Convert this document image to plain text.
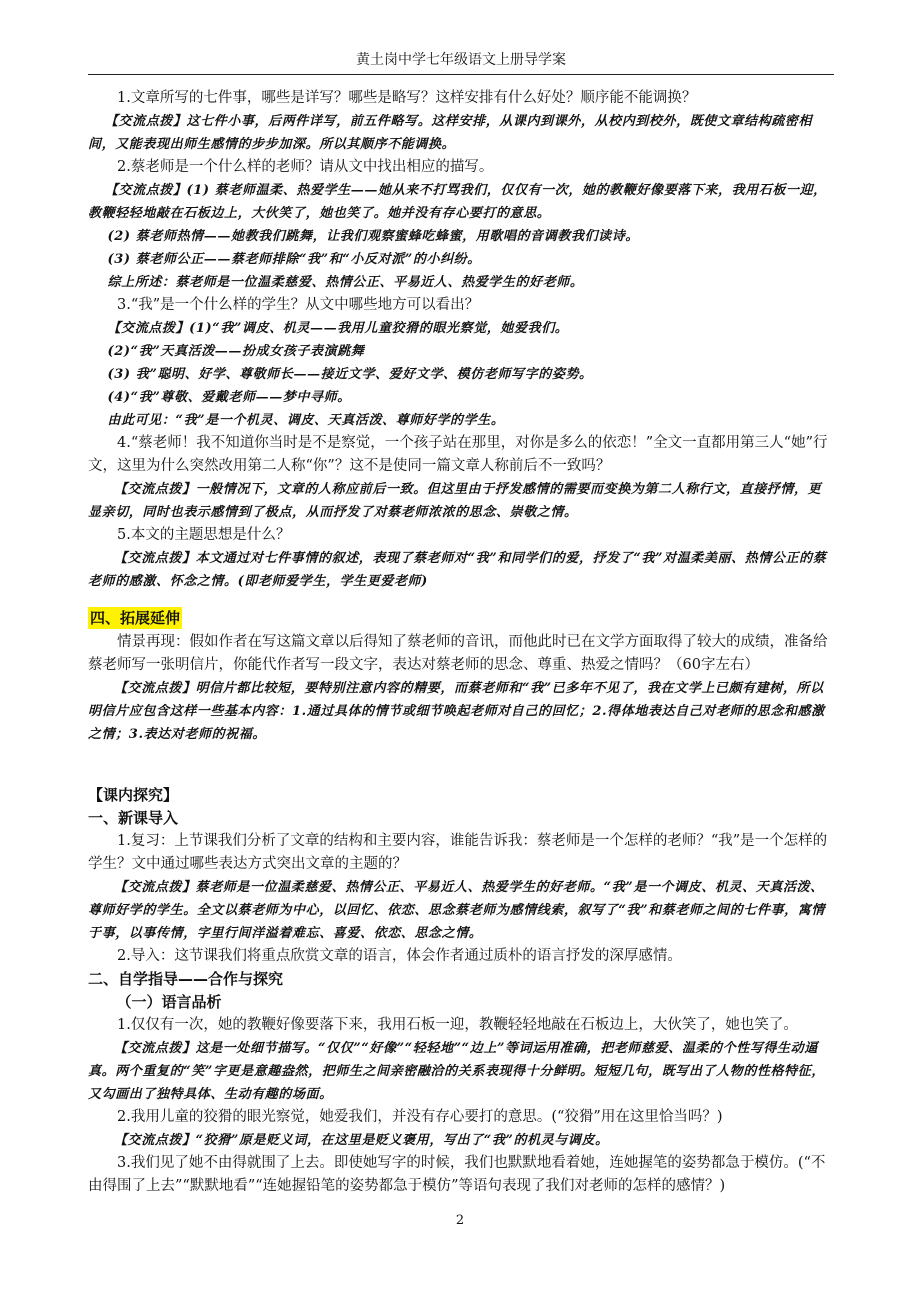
黄土岗中学七年级语文上册导学案

1.文章所写的七件事，哪些是详写？哪些是略写？这样安排有什么好处？顺序能不能调换？

【交流点拨】这七件小事，后两件详写，前五件略写。这样安排，从课内到课外，从校内到校外，既使文章结构疏密相间，又能表现出师生感情的步步加深。所以其顺序不能调换。

2.蔡老师是一个什么样的老师？请从文中找出相应的描写。

【交流点拨】(1) 蔡老师温柔、热爱学生——她从来不打骂我们，仅仅有一次，她的教鞭好像要落下来，我用石板一迎，教鞭轻轻地敲在石板边上，大伙笑了，她也笑了。她并没有存心要打的意思。

(2) 蔡老师热情——她教我们跳舞，让我们观察蜜蜂吃蜂蜜，用歌唱的音调教我们读诗。

(3) 蔡老师公正——蔡老师排除“我”和“小反对派”的小纠纷。

综上所述：蔡老师是一位温柔慈爱、热情公正、平易近人、热爱学生的好老师。

3.“我”是一个什么样的学生？从文中哪些地方可以看出？

【交流点拨】(1)“我”调皮、机灵——我用儿童狡猾的眼光察觉，她爱我们。

(2)“我”天真活泼——扮成女孩子表演跳舞

(3) 我”聪明、好学、尊敬师长——接近文学、爱好文学、模仿老师写字的姿势。

(4)“我”尊敬、爱戴老师——梦中寻师。

由此可见：“我”是一个机灵、调皮、天真活泼、尊师好学的学生。

4.“蔡老师！我不知道你当时是不是察觉，一个孩子站在那里，对你是多么的依恋！”全文一直都用第三人“她”行文，这里为什么突然改用第二人称“你”？这不是使同一篇文章人称前后不一致吗？

【交流点拨】一般情况下，文章的人称应前后一致。但这里由于抒发感情的需要而变换为第二人称行文，直接抒情，更显亲切，同时也表示感情到了极点，从而抒发了对蔡老师浓浓的思念、崇敬之情。

5.本文的主题思想是什么？

【交流点拨】本文通过对七件事情的叙述，表现了蔡老师对“我”和同学们的爱，抒发了“我”对温柔美丽、热情公正的蔡老师的感激、怀念之情。(即老师爱学生，学生更爱老师)

四、拓展延伸

情景再现：假如作者在写这篇文章以后得知了蔡老师的音讯，而他此时已在文学方面取得了较大的成绩，准备给蔡老师写一张明信片，你能代作者写一段文字，表达对蔡老师的思念、尊重、热爱之情吗？（60字左右）

【交流点拨】明信片都比较短，要特别注意内容的精要，而蔡老师和“我”已多年不见了，我在文学上已颇有建树，所以明信片应包含这样一些基本内容：1.通过具体的情节或细节唤起老师对自己的回忆；2.得体地表达自己对老师的思念和感激之情；3.表达对老师的祝福。

【课内探究】

一、新课导入

1.复习：上节课我们分析了文章的结构和主要内容，谁能告诉我：蔡老师是一个怎样的老师？“我”是一个怎样的学生？文中通过哪些表达方式突出文章的主题的？

【交流点拨】蔡老师是一位温柔慈爱、热情公正、平易近人、热爱学生的好老师。“我”是一个调皮、机灵、天真活泼、尊师好学的学生。全文以蔡老师为中心，以回忆、依恋、思念蔡老师为感情线索，叙写了“我”和蔡老师之间的七件事，寓情于事，以事传情，字里行间洋溢着难忘、喜爱、依恋、思念之情。

2.导入：这节课我们将重点欣赏文章的语言，体会作者通过质朴的语言抒发的深厚感情。

二、自学指导——合作与探究

（一）语言品析

1.仅仅有一次，她的教鞭好像要落下来，我用石板一迎，教鞭轻轻地敲在石板边上，大伙笑了，她也笑了。

【交流点拨】这是一处细节描写。“仅仅”“好像”“轻轻地”“边上”等词运用准确，把老师慈爱、温柔的个性写得生动逼真。两个重复的“笑”字更是意趣盎然，把师生之间亲密融洽的关系表现得十分鲜明。短短几句，既写出了人物的性格特征，又勾画出了独特具体、生动有趣的场面。

2.我用儿童的狡猾的眼光察觉，她爱我们，并没有存心要打的意思。(“狡猾”用在这里恰当吗？)

【交流点拨】“狡猾”原是贬义词，在这里是贬义褒用，写出了“我”的机灵与调皮。

3.我们见了她不由得就围了上去。即使她写字的时候，我们也默默地看着她，连她握笔的姿势都急于模仿。(“不由得围了上去”“默默地看”“连她握铅笔的姿势都急于模仿”等语句表现了我们对老师的怎样的感情？)

2
